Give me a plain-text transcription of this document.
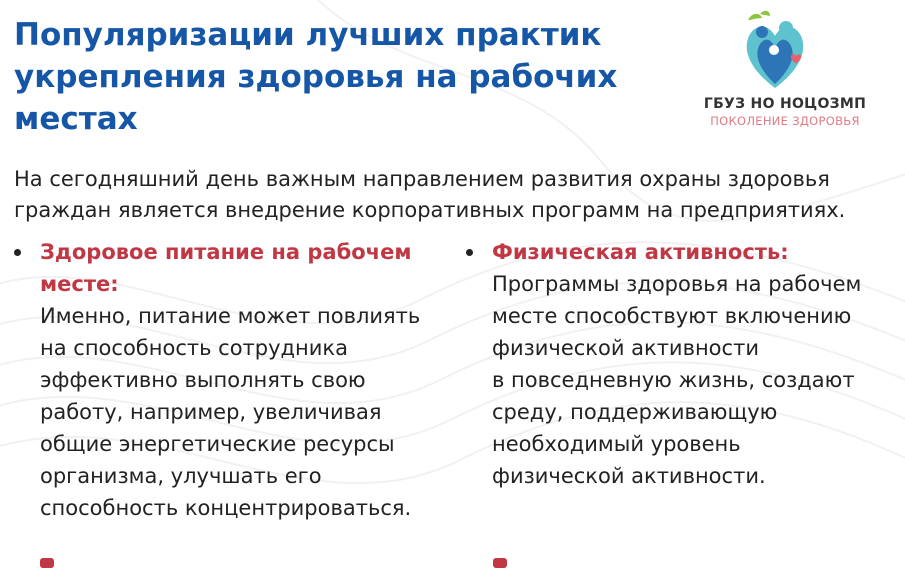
Популяризации лучших практик укрепления здоровья на рабочих местах	ГБУЗ НО НОЦОЗМП
ПОКОЛЕНИЕ ЗДОРОВЬЯ

На сегодняшний день важным направлением развития охраны здоровья граждан является внедрение корпоративных программ на предприятиях.

Здоровое питание на рабочем месте:
Именно, питание может повлиять
на способность сотрудника
эффективно выполнять свою
работу, например, увеличивая
общие энергетические ресурсы
организма, улучшать его
способность концентрироваться.
Физическая активность:
Программы здоровья на рабочем
месте способствуют включению
физической активности
в повседневную жизнь, создают
среду, поддерживающую
необходимый уровень
физической активности.
